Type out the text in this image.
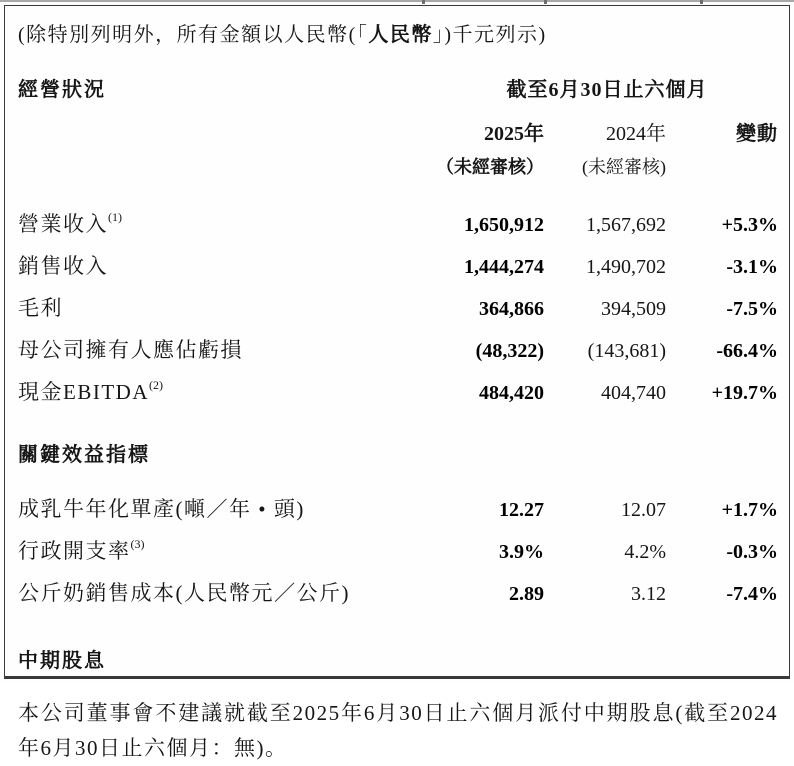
(除特別列明外，所有金額以人民幣(「人民幣」)千元列示)
經營狀況	截至6月30日止六個月
2025年	2024年	變動
（未經審核）	(未經審核)
營業收入$^{(1)}$	1,650,912	1,567,692	+5.3%
銷售收入	1,444,274	1,490,702	-3.1%
毛利	364,866	394,509	-7.5%
母公司擁有人應佔虧損	(48,322)	(143,681)	-66.4%
現金EBITDA$^{(2)}$	484,420	404,740	+19.7%
關鍵效益指標
成乳牛年化單產(噸／年 • 頭)	12.27	12.07	+1.7%
行政開支率$^{(3)}$	3.9%	4.2%	-0.3%
公斤奶銷售成本(人民幣元／公斤)	2.89	3.12	-7.4%
中期股息
本公司董事會不建議就截至2025年6月30日止六個月派付中期股息(截至2024年6月30日止六個月：無)。
